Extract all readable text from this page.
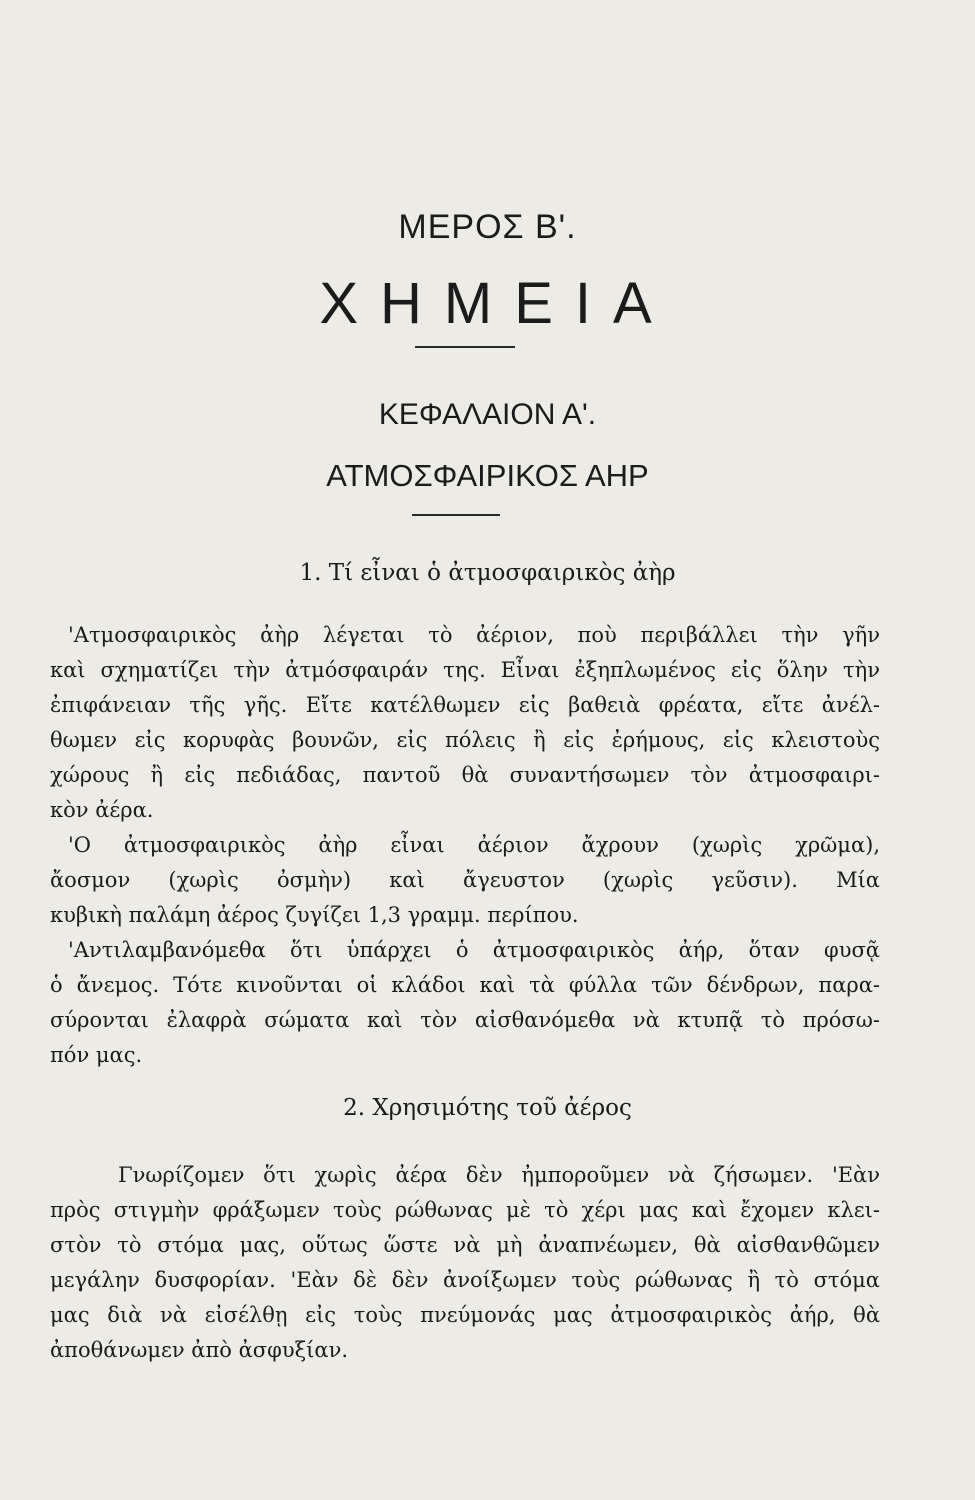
ΜΕΡΟΣ Β'.
ΧΗΜΕΙΑ
ΚΕΦΑΛΑΙΟΝ Α'.
ΑΤΜΟΣΦΑΙΡΙΚΟΣ ΑΗΡ
1. Τί εἶναι ὁ ἀτμοσφαιρικὸς ἀὴρ
'Ατμοσφαιρικὸς ἀὴρ λέγεται τὸ ἀέριον, ποὺ περιβάλλει τὴν γῆν
καὶ σχηματίζει τὴν ἀτμόσφαιράν της. Εἶναι ἐξηπλωμένος εἰς ὅλην τὴν
ἐπιφάνειαν τῆς γῆς. Εἴτε κατέλθωμεν εἰς βαθειὰ φρέατα, εἴτε ἀνέλ-
θωμεν εἰς κορυφὰς βουνῶν, εἰς πόλεις ἢ εἰς ἐρήμους, εἰς κλειστοὺς
χώρους ἢ εἰς πεδιάδας, παντοῦ θὰ συναντήσωμεν τὸν ἀτμοσφαιρι-
κὸν ἀέρα.
'Ο ἀτμοσφαιρικὸς ἀὴρ εἶναι ἀέριον ἄχρουν (χωρὶς χρῶμα),
ἄοσμον (χωρὶς ὀσμὴν) καὶ ἄγευστον (χωρὶς γεῦσιν). Μία
κυβικὴ παλάμη ἀέρος ζυγίζει 1,3 γραμμ. περίπου.
'Αντιλαμβανόμεθα ὅτι ὑπάρχει ὁ ἀτμοσφαιρικὸς ἀήρ, ὅταν φυσᾷ
ὁ ἄνεμος. Τότε κινοῦνται οἱ κλάδοι καὶ τὰ φύλλα τῶν δένδρων, παρα-
σύρονται ἐλαφρὰ σώματα καὶ τὸν αἰσθανόμεθα νὰ κτυπᾷ τὸ πρόσω-
πόν μας.
2. Χρησιμότης τοῦ ἀέρος
Γνωρίζομεν ὅτι χωρὶς ἀέρα δὲν ἠμποροῦμεν νὰ ζήσωμεν. 'Εὰν
πρὸς στιγμὴν φράξωμεν τοὺς ρώθωνας μὲ τὸ χέρι μας καὶ ἔχομεν κλει-
στὸν τὸ στόμα μας, οὕτως ὥστε νὰ μὴ ἀναπνέωμεν, θὰ αἰσθανθῶμεν
μεγάλην δυσφορίαν. 'Εὰν δὲ δὲν ἀνοίξωμεν τοὺς ρώθωνας ἢ τὸ στόμα
μας διὰ νὰ εἰσέλθῃ εἰς τοὺς πνεύμονάς μας ἀτμοσφαιρικὸς ἀήρ, θὰ
ἀποθάνωμεν ἀπὸ ἀσφυξίαν.
